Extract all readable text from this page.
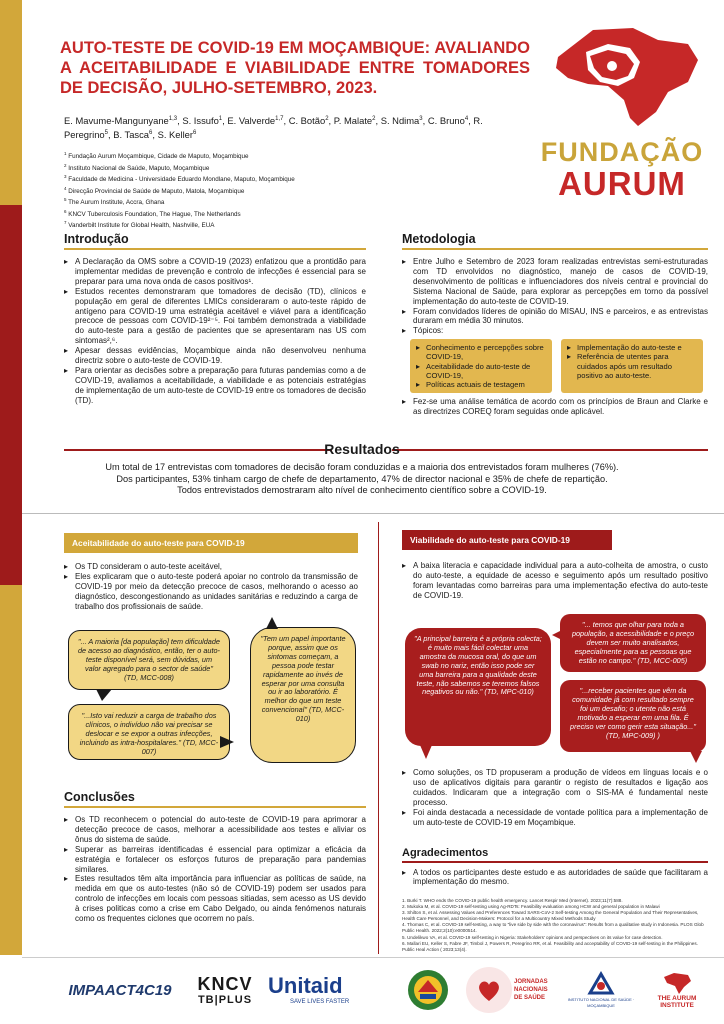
AUTO-TESTE DE COVID-19 EM MOÇAMBIQUE: AVALIANDO A ACEITABILIDADE E VIABILIDADE ENTRE TOMADORES DE DECISÃO, JULHO-SETEMBRO, 2023.
E. Mavume-Mangunyane$^{1,3}$, S. Issufo$^1$, E. Valverde$^{1,7}$, C. Botão$^2$, P. Malate$^2$, S. Ndima$^3$, C. Bruno$^4$, R. Peregrino$^5$, B. Tasca$^6$, S. Keller$^6$
$^1$ Fundação Aurum Moçambique, Cidade de Maputo, Moçambique
$^2$ Instituto Nacional de Saúde, Maputo, Moçambique
$^3$ Faculdade de Medicina - Universidade Eduardo Mondlane, Maputo, Moçambique
$^4$ Direcção Provincial de Saúde de Maputo, Matola, Moçambique
$^5$ The Aurum Institute, Accra, Ghana
$^6$ KNCV Tuberculosis Foundation, The Hague, The Netherlands
$^7$ Vanderbilt Institute for Global Health, Nashville, EUA
FUNDAÇÃO
AURUM
Introdução
▸ A Declaração da OMS sobre a COVID-19 (2023) enfatizou que a prontidão para implementar medidas de prevenção e controlo de infecções é essencial para se preparar para uma nova onda de casos positivos¹.
▸ Estudos recentes demonstraram que tomadores de decisão (TD), clínicos e população em geral de diferentes LMICs consideraram o auto-teste rápido de antígeno para COVID-19 uma estratégia aceitável e viável para a identificação precoce de pessoas com COVID-19²⁻⁵. Foi também demonstrada a viabilidade do auto-teste para a gestão de pacientes que se apresentaram nas US com sintomas²,⁶.
▸ Apesar dessas evidências, Moçambique ainda não desenvolveu nenhuma directriz sobre o auto-teste de COVID-19.
▸ Para orientar as decisões sobre a preparação para futuras pandemias como a de COVID-19, avaliamos a aceitabilidade, a viabilidade e as potenciais estratégias de implementação de um auto-teste de COVID-19 entre os tomadores de decisão (TD).
Metodologia
▸ Entre Julho e Setembro de 2023 foram realizadas entrevistas semi-estruturadas com TD envolvidos no diagnóstico, manejo de casos de COVID-19, desenvolvimento de políticas e influenciadores dos níveis central e provincial do Sistema Nacional de Saúde, para explorar as percepções em torno da possível implementação do auto-teste de COVID-19.
▸ Foram convidados líderes de opinião do MISAU, INS e parceiros, e as entrevistas duraram em média 30 minutos.
▸ Tópicos:
▸ Conhecimento e percepções sobre COVID-19,
▸ Aceitabilidade do auto-teste de COVID-19,
▸ Políticas actuais de testagem
▸ Implementação do auto-teste e
▸ Referência de utentes para cuidados após um resultado positivo ao auto-teste.
▸ Fez-se uma análise temática de acordo com os princípios de Braun and Clarke e as directrizes COREQ foram seguidas onde aplicável.
Resultados
Um total de 17 entrevistas com tomadores de decisão foram conduzidas e a maioria dos entrevistados foram mulheres (76%).
Dos participantes, 53% tinham cargo de chefe de departamento, 47% de director nacional e 35% de chefe de repartição.
Todos entrevistados demostraram alto nível de conhecimento científico sobre a COVID-19.
Aceitabilidade do auto-teste para COVID-19
▸ Os TD consideram o auto-teste aceitável,
▸ Eles explicaram que o auto-teste poderá apoiar no controlo da transmissão de COVID-19 por meio da detecção precoce de casos, melhorando o acesso ao diagnóstico, descongestionando as unidades sanitárias e reduzindo a carga de trabalho dos profissionais de saúde.
"... A maioria [da população] tem dificuldade de acesso ao diagnóstico, então, ter o auto-teste disponível será, sem dúvidas, um valor agregado para o sector de saúde" (TD, MCC-008)
"...Isto vai reduzir a carga de trabalho dos clínicos, o indivíduo não vai precisar se deslocar e se expor a outras infecções, incluindo as intra-hospitalares." (TD, MCC-007)
"Tem um papel importante porque, assim que os sintomas começam, a pessoa pode testar rapidamente ao invés de esperar por uma consulta ou ir ao laboratório. É melhor do que um teste convencional" (TD, MCC-010)
Viabilidade do auto-teste para COVID-19
▸ A baixa literacia e capacidade individual para a auto-colheita de amostra, o custo do auto-teste, a equidade de acesso e seguimento após um resultado positivo foram levantadas como barreiras para uma implementação efectiva do auto-teste de COVID-19.
"A principal barreira é a própria colecta; é muito mais fácil colectar uma amostra da mucosa oral, do que um swab no nariz, então isso pode ser uma barreira para a qualidade deste teste, não sabemos se teremos falsos negativos ou não." (TD, MPC-010)
"... temos que olhar para toda a população, a acessibilidade e o preço devem ser muito analisados, especialmente para as pessoas que estão no campo." (TD, MCC-005)
"...receber pacientes que vêm da comunidade já com resultado sempre foi um desafio; o utente não está motivado a esperar em uma fila. É preciso ver como gerir esta situação..." (TD, MPC-009) )
▸ Como soluções, os TD propuseram a produção de vídeos em línguas locais e o uso de aplicativos digitais para garantir o registo de resultados e ligação aos cuidados. Indicaram que a integração com o SIS-MA é fundamental neste processo.
▸ Foi ainda destacada a necessidade de vontade política para a implementação de um auto-teste de COVID-19 em Moçambique.
Conclusões
▸ Os TD reconhecem o potencial do auto-teste de COVID-19 para aprimorar a detecção precoce de casos, melhorar a acessibilidade aos testes e aliviar os ônus do sistema de saúde.
▸ Superar as barreiras identificadas é essencial para optimizar a eficácia da estratégia e fortalecer os esforços futuros de preparação para pandemias similares.
▸ Estes resultados têm alta importância para influenciar as políticas de saúde, na medida em que os auto-testes (não só de COVID-19) podem ser usados para controlo de infecções em locais com pessoas sitiadas, sem acesso as US devido à crises politicas como a crise em Cabo Delgado, ou ainda fenómenos naturais como os frequentes ciclones que ocorrem no país.
Agradecimentos
▸ A todos os participantes deste estudo e as autoridades de saúde que facilitaram a implementação do mesmo.
1. Burki T. WHO ends the COVID-19 public health emergency. Lancet Respir Med (Internet). 2023;11(7):588.
2. Mukoka M, et al. COVID-19 self-testing using Ag-RDTs: Feasibility evaluation among HCW and general population in Malawi
3. Shilton S, et al. Assessing Values and Preferences Toward SARS-CoV-2 Self-testing Among the General Population and Their Representatives, Health Care Personnel, and Decision-Makers: Protocol for a Multicountry Mixed Methods Study
4. Thomas C, et al. COVID-19 self-testing, a way to "live side by side with the coronavirus": Results from a qualitative study in Indonesia. PLOS Glob Public Health. 2022;2(10):e0000514.
5. Undelikwo VA, et al. COVID-19 self-testing in Nigeria: Stakeholders' opinions and perspectives on its value for case detection.
6. Mallari EU, Keller S, Fabre JF, Timbol J, Powers R, Peregrino RR, et al. Feasibility and acceptability of COVID-19 self-testing in the Philippines. Public Heal Action ( 2023;13(4).
IMPAACT4C19 KNCV
TB|PLUS
Unitaid
SAVE LIVES FASTER
JORNADAS NACIONAIS DE SAÚDE	INSTITUTO NACIONAL DE SAÚDE · MOÇAMBIQUE
THE AURUM INSTITUTE
